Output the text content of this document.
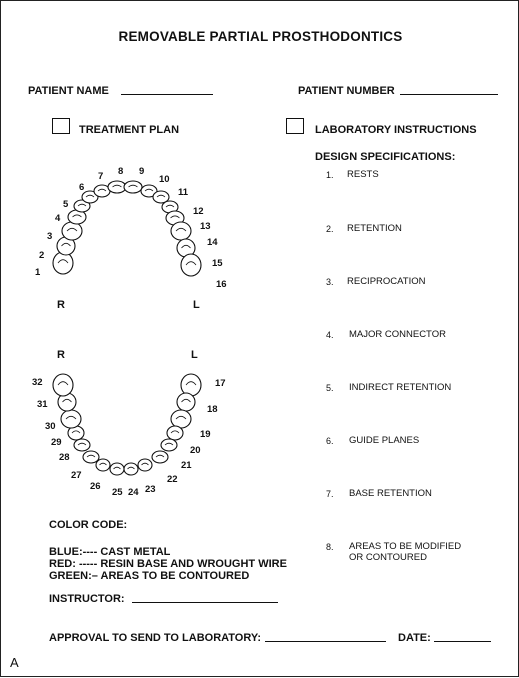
REMOVABLE PARTIAL PROSTHODONTICS
PATIENT NAME	PATIENT NUMBER
TREATMENT PLAN	LABORATORY INSTRUCTIONS
DESIGN SPECIFICATIONS:
1. RESTS
2. RETENTION
3. RECIPROCATION
4. MAJOR CONNECTOR
5. INDIRECT RETENTION
6. GUIDE PLANES
7. BASE RETENTION
8. AREAS TO BE MODIFIED
OR CONTOURED
1
2
3
4
5
6
7 8 9
10
11
12
13
14
15
16
17
18
19
20
21
22
23
24
25
26
27
28
29
30
31
32
R	L
R	L
COLOR CODE:
BLUE:---- CAST METAL
RED: ----- RESIN BASE AND WROUGHT WIRE
GREEN:– AREAS TO BE CONTOURED
INSTRUCTOR:
APPROVAL TO SEND TO LABORATORY:	DATE:
A
